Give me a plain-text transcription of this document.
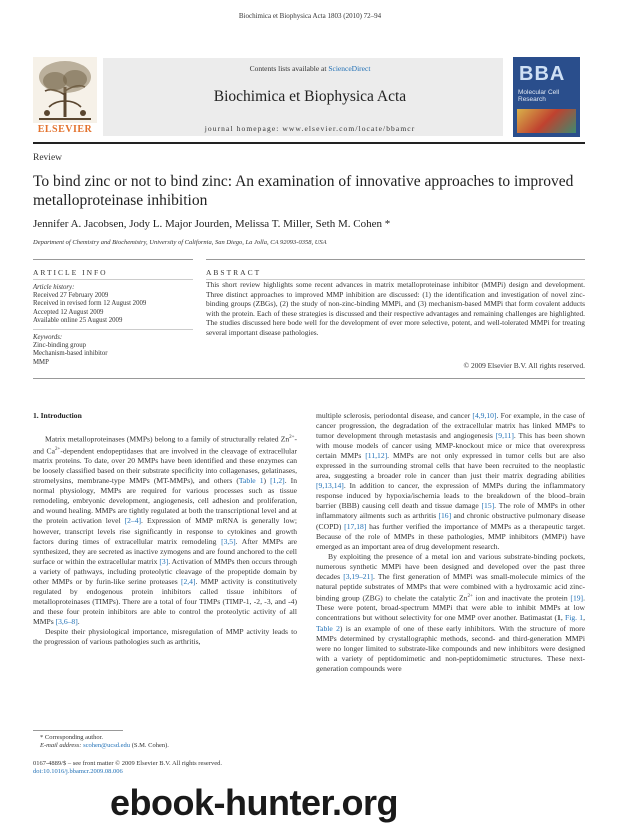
Biochimica et Biophysica Acta 1803 (2010) 72–94
Contents lists available at ScienceDirect
Biochimica et Biophysica Acta
journal homepage: www.elsevier.com/locate/bbamcr
ELSEVIER
BBA
Molecular Cell Research
Review
To bind zinc or not to bind zinc: An examination of innovative approaches to improved metalloproteinase inhibition
Jennifer A. Jacobsen, Jody L. Major Jourden, Melissa T. Miller, Seth M. Cohen *
Department of Chemistry and Biochemistry, University of California, San Diego, La Jolla, CA 92093-0358, USA
ARTICLE INFO
Article history:
Received 27 February 2009
Received in revised form 12 August 2009
Accepted 12 August 2009
Available online 25 August 2009
Keywords:
Zinc-binding group
Mechanism-based inhibitor
MMP
ABSTRACT
This short review highlights some recent advances in matrix metalloproteinase inhibitor (MMPi) design and development. Three distinct approaches to improved MMP inhibition are discussed: (1) the identification and investigation of novel zinc-binding groups (ZBGs), (2) the study of non-zinc-binding MMPi, and (3) mechanism-based MMPi that form covalent adducts with the protein. Each of these strategies is discussed and their respective advantages and remaining challenges are highlighted. The studies discussed here bode well for the development of ever more selective, potent, and well-tolerated MMPi for treating several important disease pathologies.
© 2009 Elsevier B.V. All rights reserved.
1. Introduction

Matrix metalloproteinases (MMPs) belong to a family of structurally related $Zn^{2+}-$ and $Ca^{2+}$-dependent endopeptidases that are involved in the cleavage of extracellular matrix proteins. To date, over 20 MMPs have been identified and these enzymes can be loosely classified based on their substrate specificity into collagenases, gelatinases, stromelysins, membrane-type MMPs (MT-MMPs), and others (Table 1) [1,2]. In normal physiology, MMPs are required for various processes such as tissue remodeling, embryonic development, angiogenesis, cell adhesion and proliferation, and wound healing. MMPs are tightly regulated at both the transcriptional level and at the protein activation level [2–4]. Expression of MMP mRNA is generally low; however, transcript levels rise significantly in response to cytokines and growth factors during times of extracellular matrix remodeling [3,5]. After MMPs are synthesized, they are secreted as inactive zymogens and are found anchored to the cell surface or within the extracellular matrix [3]. Activation of MMPs then occurs through a variety of pathways, including proteolytic cleavage of the propeptide domain by other MMPs or by furin-like serine proteases [2,4]. MMP activity is constitutively regulated by endogenous protein inhibitors called tissue inhibitors of metalloproteinases (TIMPs). There are a total of four TIMPs (TIMP-1, -2, -3, and -4) and these four protein inhibitors are able to control the proteolytic activity of all MMPs [3,6–8].

Despite their physiological importance, misregulation of MMP activity leads to the progression of various pathologies such as arthritis,

multiple sclerosis, periodontal disease, and cancer [4,9,10]. For example, in the case of cancer progression, the degradation of the extracellular matrix has linked MMPs to tumor development through metastasis and angiogenesis [9,11]. This has been shown with mouse models of cancer using MMP-knockout mice or mice that overexpress certain MMPs [11,12]. MMPs are not only expressed in tumor cells but are also expressed in the surrounding stromal cells that have been recruited to the neoplastic area, suggesting a broader role in cancer than just their matrix degrading abilities [9,13,14]. In addition to cancer, the expression of MMPs during the inflammatory response induced by hypoxia/ischemia leads to the breakdown of the blood–brain barrier (BBB) causing cell death and tissue damage [15]. The role of MMPs in other inflammatory ailments such as arthritis [16] and chronic obstructive pulmonary disease (COPD) [17,18] has further verified the importance of MMPs as a therapeutic target. Because of the role of MMPs in these pathologies, MMP inhibitors (MMPi) have emerged as an important area of drug development research.

By exploiting the presence of a metal ion and various substrate-binding pockets, numerous synthetic MMPi have been designed and developed over the past three decades [3,19–21]. The first generation of MMPi was small-molecule mimics of the natural peptide substrates of MMPs that were combined with a hydroxamic acid zinc-binding group (ZBG) to chelate the catalytic $Zn^{2+}$ ion and inactivate the protein [19]. These were potent, broad-spectrum MMPi that were able to inhibit MMPs at low concentrations but without selectivity for one MMP over another. Batimastat (1, Fig. 1, Table 2) is an example of one of these early inhibitors. With the structure of more MMPs determined by crystallographic methods, second- and third-generation MMPi were no longer limited to substrate-like compounds and new inhibitors were designed with a variety of peptidomimetic and non-peptidomimetic structures. These next-generation compounds were

* Corresponding author.
E-mail address: scohen@ucsd.edu (S.M. Cohen).
0167-4889/$ – see front matter © 2009 Elsevier B.V. All rights reserved.
doi:10.1016/j.bbamcr.2009.08.006
ebook-hunter.org
